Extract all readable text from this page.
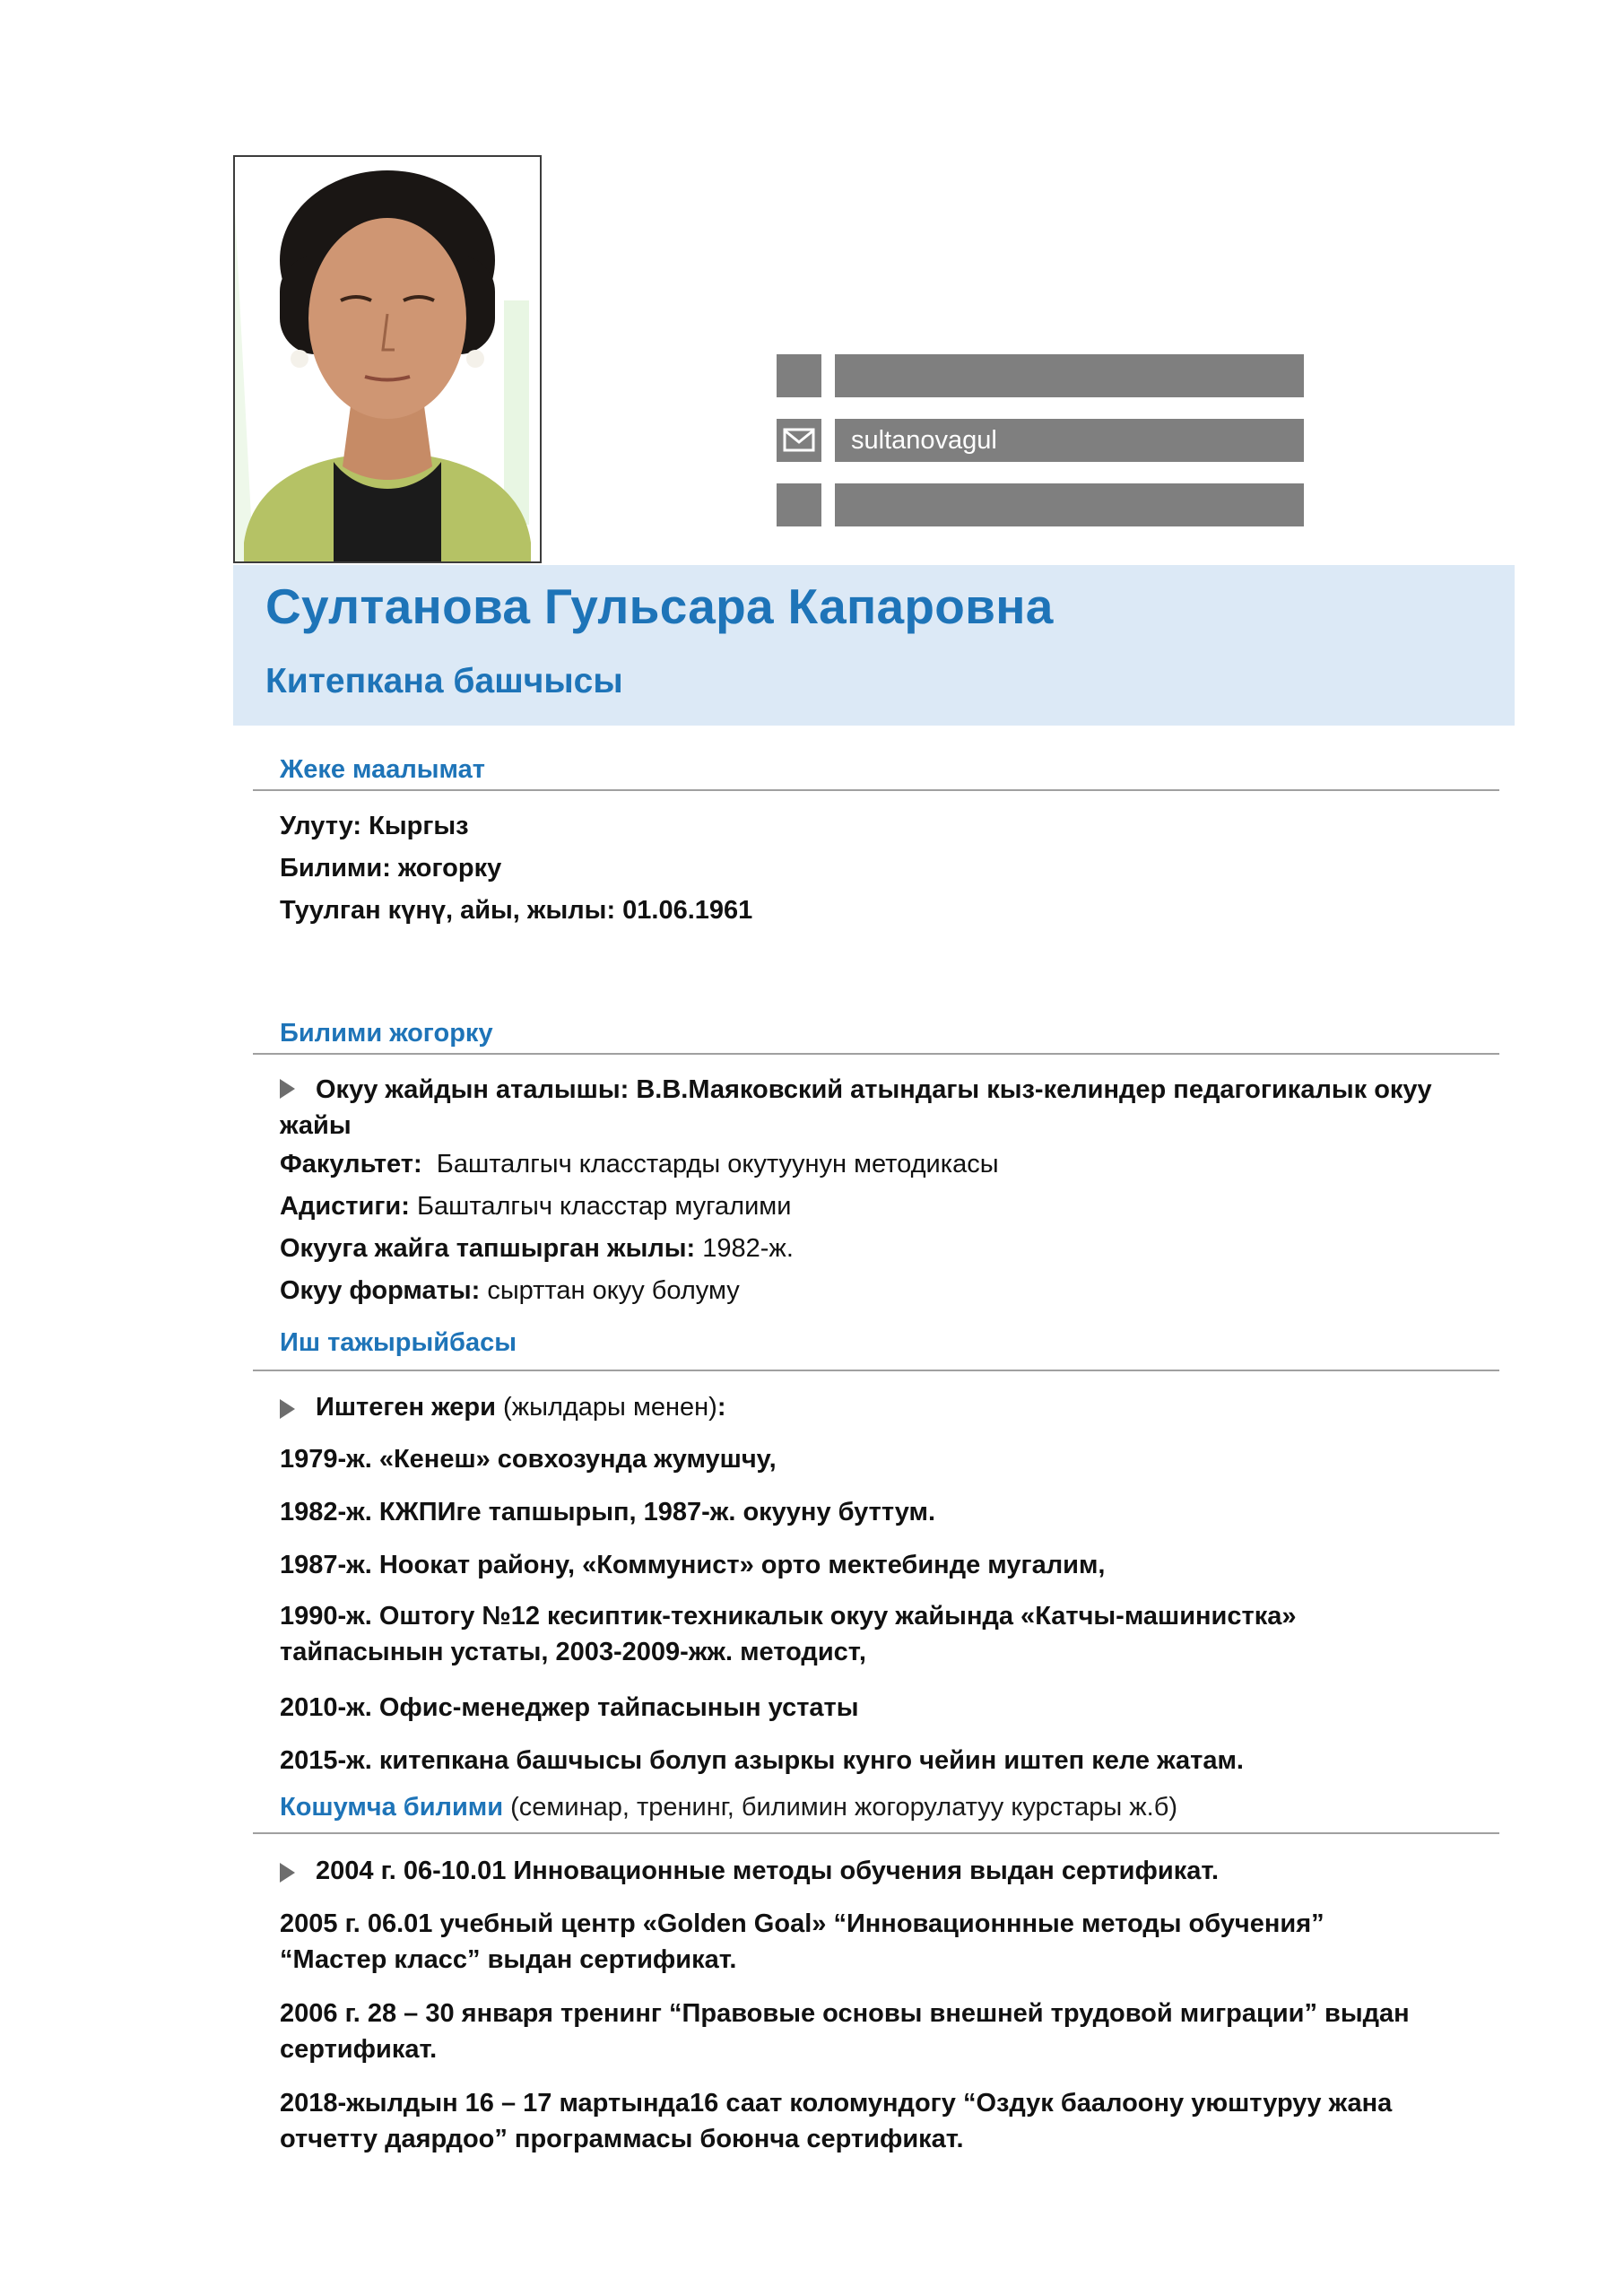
sultanovagul
Султанова Гульсара Капаровна
Китепкана башчысы
Жеке маалымат
Улуту: Кыргыз
Билими: жогорку
Туулган күнү, айы, жылы: 01.06.1961
Билими жогорку
Окуу жайдын аталышы: В.В.Маяковский атындагы кыз-келиндер педагогикалык окуу жайы
Факультет: Башталгыч класстарды окутуунун методикасы
Адистиги: Башталгыч класстар мугалими
Окууга жайга тапшырган жылы: 1982-ж.
Окуу форматы: сырттан окуу болуму
Иш тажырыйбасы
Иштеген жери (жылдары менен):
1979-ж. «Кенеш» совхозунда жумушчу,
1982-ж. КЖПИге тапшырып, 1987-ж. окууну буттум.
1987-ж. Ноокат району, «Коммунист» орто мектебинде мугалим,
1990-ж. Оштогу №12 кесиптик-техникалык окуу жайында «Катчы-машинистка» тайпасынын устаты, 2003-2009-жж. методист,
2010-ж. Офис-менеджер тайпасынын устаты
2015-ж. китепкана башчысы болуп азыркы кунго чейин иштеп келе жатам.
Кошумча билими (семинар, тренинг, билимин жогорулатуу курстары ж.б)
2004 г. 06-10.01 Инновационные методы обучения выдан сертификат.
2005 г. 06.01 учебный центр «Golden Goal» “Инновационнныe методы обучения” “Мастер класс” выдан сертификат.
2006 г. 28 – 30 января тренинг “Правовые основы внешней трудовой миграции” выдан сертификат.
2018-жылдын 16 – 17 мартында16 саат коломундогу “Оздук баалоону уюштуруу жана отчетту даярдоо” программасы боюнча сертификат.
